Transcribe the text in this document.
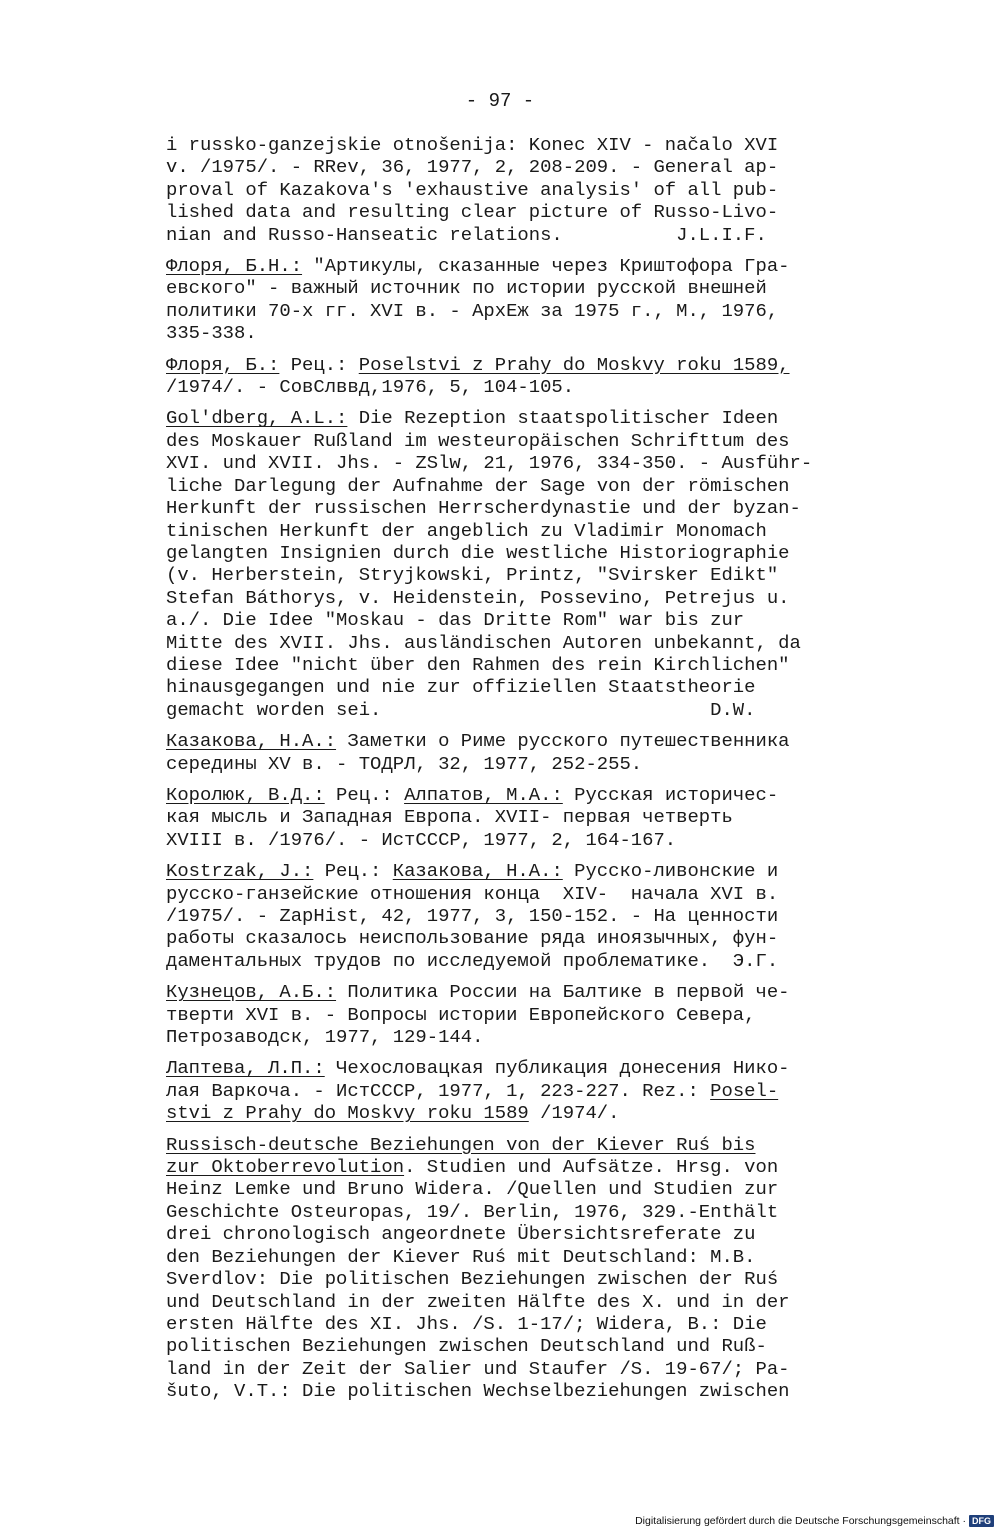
- 97 -
i russko-ganzejskie otnošenija: Konec XIV - načalo XVI
v. /1975/. - RRev, 36, 1977, 2, 208-209. - General ap-
proval of Kazakova's 'exhaustive analysis' of all pub-
lished data and resulting clear picture of Russo-Livo-
nian and Russo-Hanseatic relations.          J.L.I.F.
Флоря, Б.Н.: "Артикулы, сказанные через Криштофора Гра-
евского" - важный источник по истории русской внешней
политики 70-х гг. XVI в. - АрхЕж за 1975 г., М., 1976,
335-338.
Флоря, Б.: Рец.: Poselstvi z Prahy do Moskvy roku 1589,
/1974/. - СовСлввд,1976, 5, 104-105.
Gol'dberg, A.L.: Die Rezeption staatspolitischer Ideen
des Moskauer Rußland im westeuropäischen Schrifttum des
XVI. und XVII. Jhs. - ZSlw, 21, 1976, 334-350. - Ausführ-
liche Darlegung der Aufnahme der Sage von der römischen
Herkunft der russischen Herrscherdynastie und der byzan-
tinischen Herkunft der angeblich zu Vladimir Monomach
gelangten Insignien durch die westliche Historiographie
(v. Herberstein, Stryjkowski, Printz, "Svirsker Edikt"
Stefan Báthorys, v. Heidenstein, Possevino, Petrejus u.
a./. Die Idee "Moskau - das Dritte Rom" war bis zur
Mitte des XVII. Jhs. ausländischen Autoren unbekannt, da
diese Idee "nicht über den Rahmen des rein Kirchlichen"
hinausgegangen und nie zur offiziellen Staatstheorie
gemacht worden sei.                             D.W.
Казакова, Н.А.: Заметки о Риме русского путешественника
середины XV в. - ТОДРЛ, 32, 1977, 252-255.
Королюк, В.Д.: Рец.: Алпатов, М.А.: Русская историчес-
кая мысль и Западная Европа. XVII- первая четверть
XVIII в. /1976/. - ИстСССР, 1977, 2, 164-167.
Kostrzak, J.: Рец.: Казакова, Н.А.: Русско-ливонские и
русско-ганзейские отношения конца  XIV-  начала XVI в.
/1975/. - ZapHist, 42, 1977, 3, 150-152. - На ценности
работы сказалось неиспользование ряда иноязычных, фун-
даментальных трудов по исследуемой проблематике.  Э.Г.
Кузнецов, А.Б.: Политика России на Балтике в первой че-
тверти XVI в. - Вопросы истории Европейского Севера,
Петрозаводск, 1977, 129-144.
Лаптева, Л.П.: Чехословацкая публикация донесения Нико-
лая Варкоча. - ИстСССР, 1977, 1, 223-227. Rez.: Posel-
stvi z Prahy do Moskvy roku 1589 /1974/.
Russisch-deutsche Beziehungen von der Kiever Ruś bis
zur Oktoberrevolution. Studien und Aufsätze. Hrsg. von
Heinz Lemke und Bruno Widera. /Quellen und Studien zur
Geschichte Osteuropas, 19/. Berlin, 1976, 329.-Enthält
drei chronologisch angeordnete Übersichtsreferate zu
den Beziehungen der Kiever Ruś mit Deutschland: M.B.
Sverdlov: Die politischen Beziehungen zwischen der Ruś
und Deutschland in der zweiten Hälfte des X. und in der
ersten Hälfte des XI. Jhs. /S. 1-17/; Widera, B.: Die
politischen Beziehungen zwischen Deutschland und Ruß-
land in der Zeit der Salier und Staufer /S. 19-67/; Pa-
šuto, V.T.: Die politischen Wechselbeziehungen zwischen
Digitalisierung gefördert durch die Deutsche Forschungsgemeinschaft · DFG
